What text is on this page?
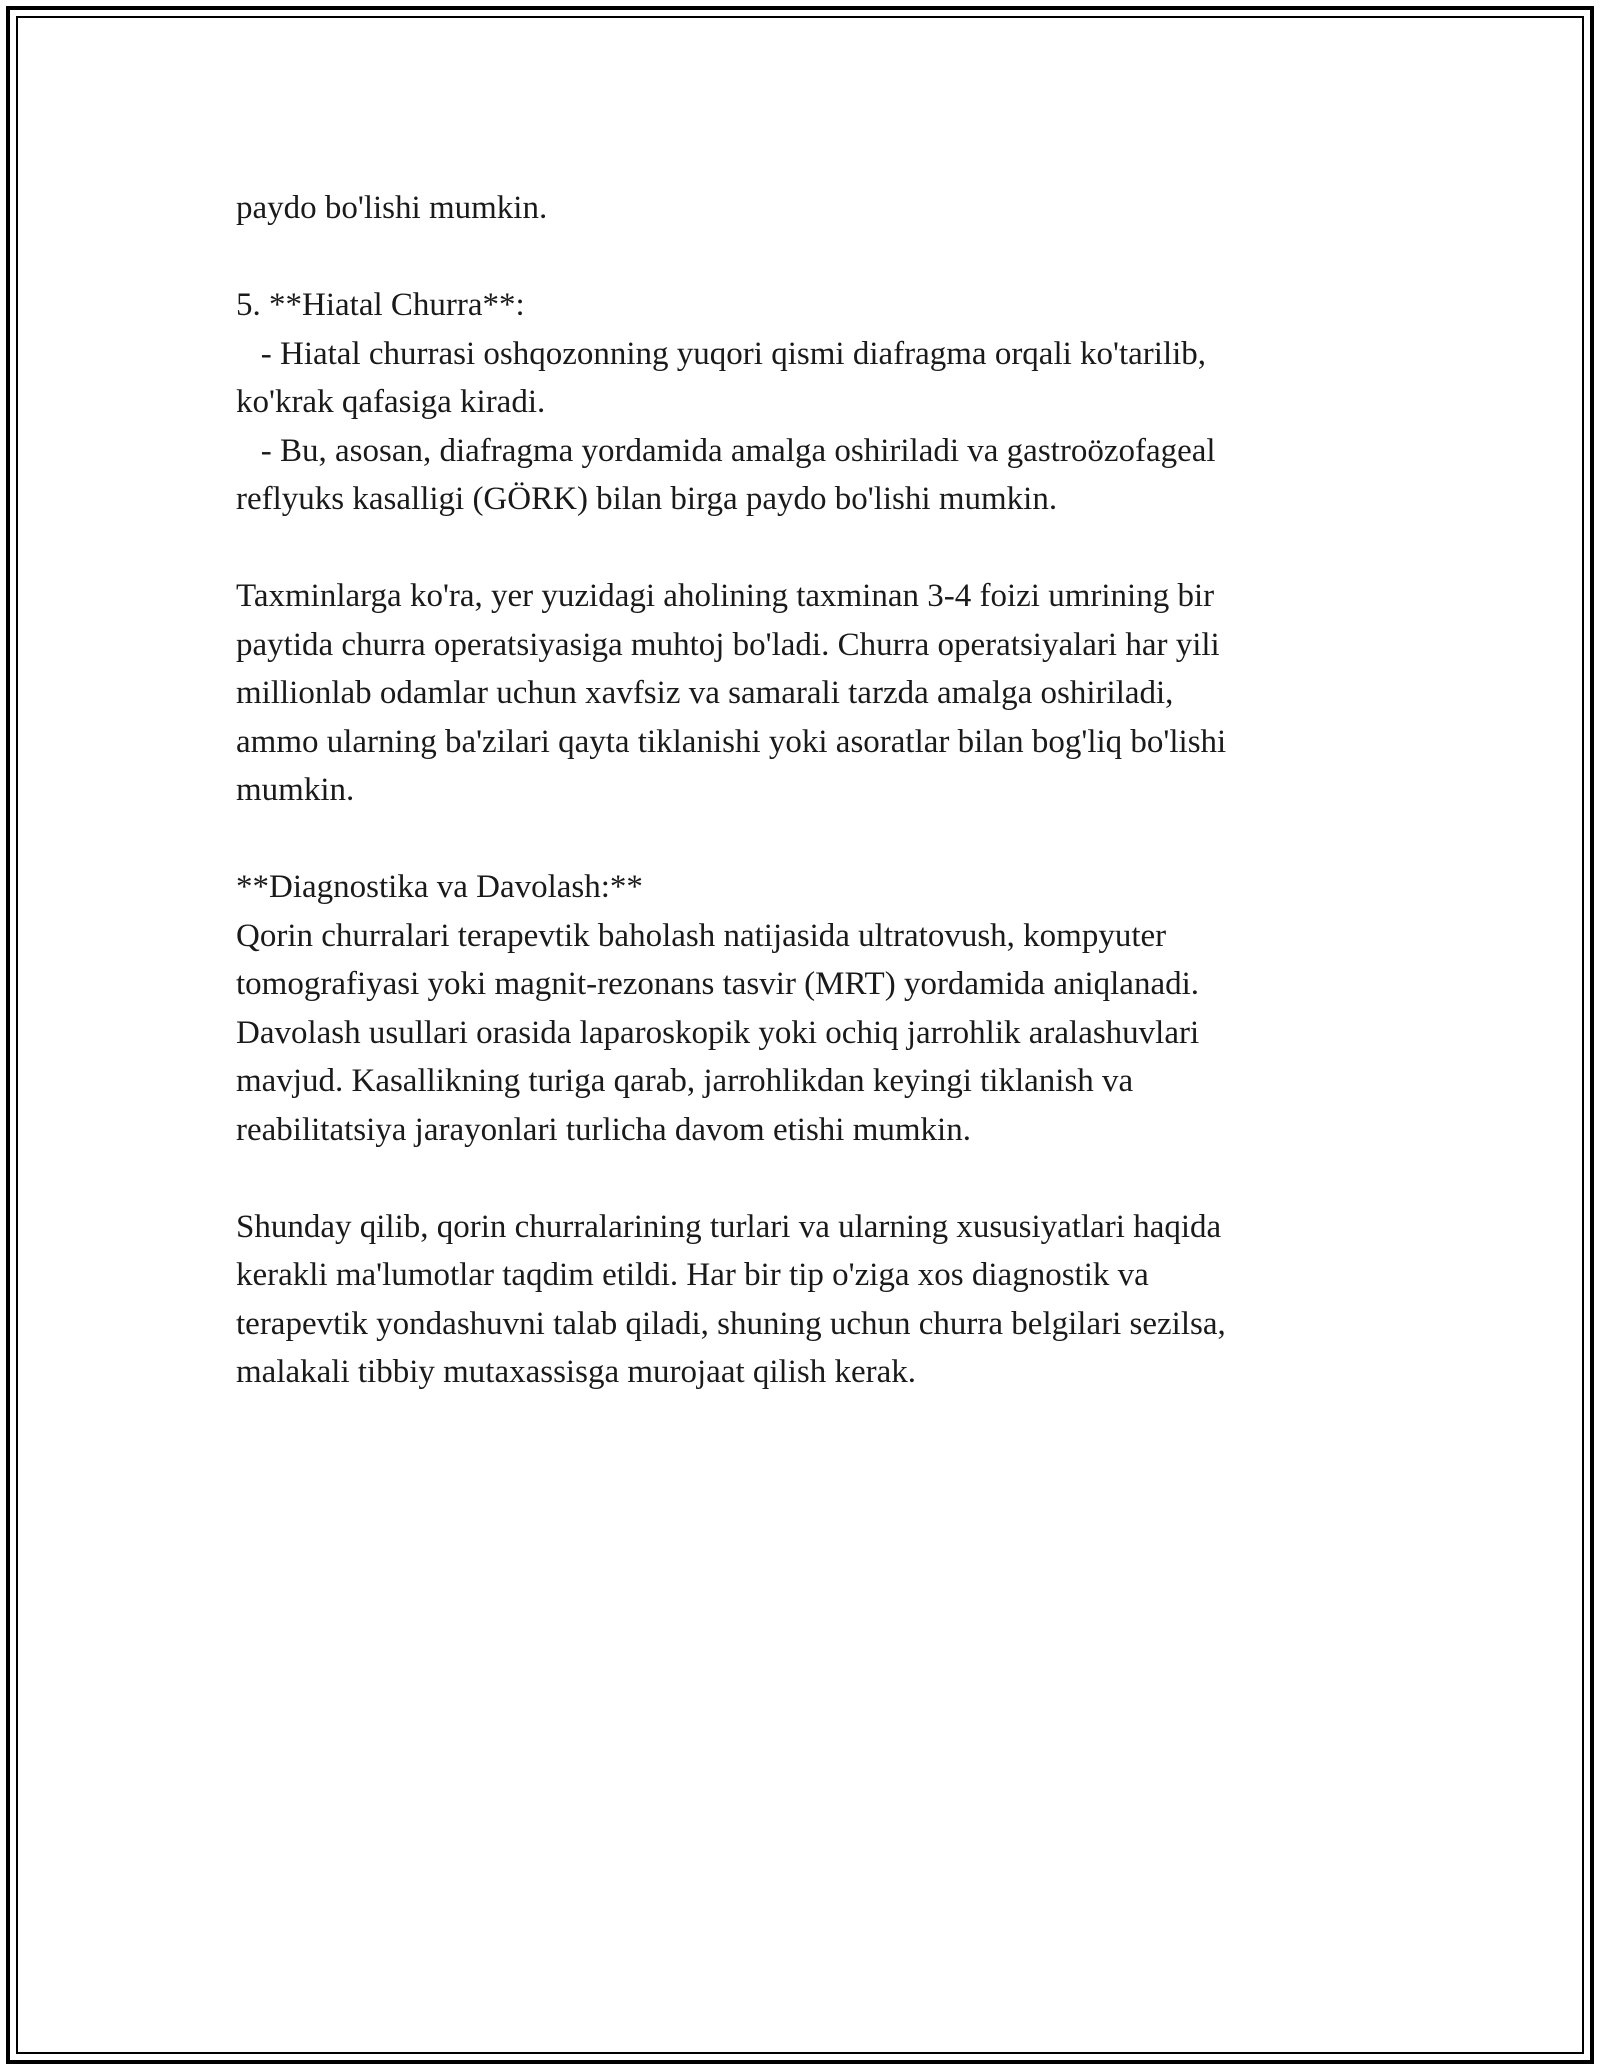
paydo bo'lishi mumkin.
5. **Hiatal Churra**:
- Hiatal churrasi oshqozonning yuqori qismi diafragma orqali ko'tarilib,
ko'krak qafasiga kiradi.
- Bu, asosan, diafragma yordamida amalga oshiriladi va gastroözofageal
reflyuks kasalligi (GÖRK) bilan birga paydo bo'lishi mumkin.
Taxminlarga ko'ra, yer yuzidagi aholining taxminan 3-4 foizi umrining bir
paytida churra operatsiyasiga muhtoj bo'ladi. Churra operatsiyalari har yili
millionlab odamlar uchun xavfsiz va samarali tarzda amalga oshiriladi,
ammo ularning ba'zilari qayta tiklanishi yoki asoratlar bilan bog'liq bo'lishi
mumkin.
**Diagnostika va Davolash:**
Qorin churralari terapevtik baholash natijasida ultratovush, kompyuter
tomografiyasi yoki magnit-rezonans tasvir (MRT) yordamida aniqlanadi.
Davolash usullari orasida laparoskopik yoki ochiq jarrohlik aralashuvlari
mavjud. Kasallikning turiga qarab, jarrohlikdan keyingi tiklanish va
reabilitatsiya jarayonlari turlicha davom etishi mumkin.
Shunday qilib, qorin churralarining turlari va ularning xususiyatlari haqida
kerakli ma'lumotlar taqdim etildi. Har bir tip o'ziga xos diagnostik va
terapevtik yondashuvni talab qiladi, shuning uchun churra belgilari sezilsa,
malakali tibbiy mutaxassisga murojaat qilish kerak.
